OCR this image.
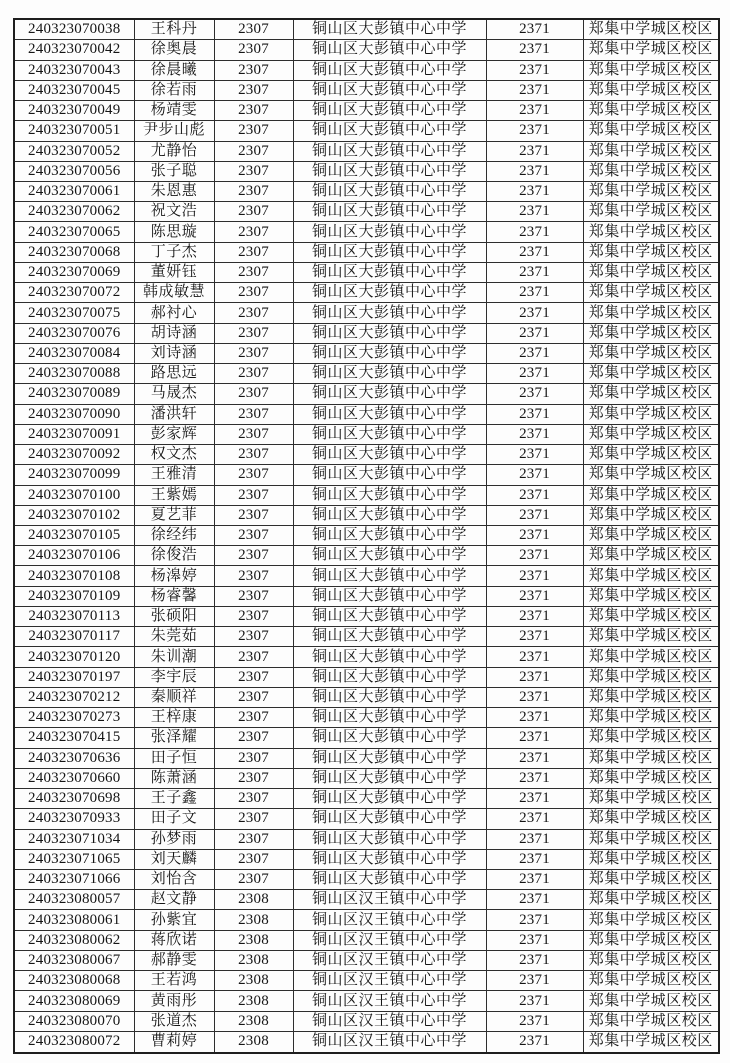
240323070038	王科丹	2307	铜山区大彭镇中心中学	2371	郑集中学城区校区
240323070042	徐奥晨	2307	铜山区大彭镇中心中学	2371	郑集中学城区校区
240323070043	徐晨曦	2307	铜山区大彭镇中心中学	2371	郑集中学城区校区
240323070045	徐若雨	2307	铜山区大彭镇中心中学	2371	郑集中学城区校区
240323070049	杨靖雯	2307	铜山区大彭镇中心中学	2371	郑集中学城区校区
240323070051	尹步山彪	2307	铜山区大彭镇中心中学	2371	郑集中学城区校区
240323070052	尤静怡	2307	铜山区大彭镇中心中学	2371	郑集中学城区校区
240323070056	张子聪	2307	铜山区大彭镇中心中学	2371	郑集中学城区校区
240323070061	朱恩惠	2307	铜山区大彭镇中心中学	2371	郑集中学城区校区
240323070062	祝文浩	2307	铜山区大彭镇中心中学	2371	郑集中学城区校区
240323070065	陈思璇	2307	铜山区大彭镇中心中学	2371	郑集中学城区校区
240323070068	丁子杰	2307	铜山区大彭镇中心中学	2371	郑集中学城区校区
240323070069	董妍钰	2307	铜山区大彭镇中心中学	2371	郑集中学城区校区
240323070072	韩成敏慧	2307	铜山区大彭镇中心中学	2371	郑集中学城区校区
240323070075	郝衬心	2307	铜山区大彭镇中心中学	2371	郑集中学城区校区
240323070076	胡诗涵	2307	铜山区大彭镇中心中学	2371	郑集中学城区校区
240323070084	刘诗涵	2307	铜山区大彭镇中心中学	2371	郑集中学城区校区
240323070088	路思远	2307	铜山区大彭镇中心中学	2371	郑集中学城区校区
240323070089	马晟杰	2307	铜山区大彭镇中心中学	2371	郑集中学城区校区
240323070090	潘洪轩	2307	铜山区大彭镇中心中学	2371	郑集中学城区校区
240323070091	彭家辉	2307	铜山区大彭镇中心中学	2371	郑集中学城区校区
240323070092	权文杰	2307	铜山区大彭镇中心中学	2371	郑集中学城区校区
240323070099	王雅清	2307	铜山区大彭镇中心中学	2371	郑集中学城区校区
240323070100	王紫嫣	2307	铜山区大彭镇中心中学	2371	郑集中学城区校区
240323070102	夏艺菲	2307	铜山区大彭镇中心中学	2371	郑集中学城区校区
240323070105	徐经纬	2307	铜山区大彭镇中心中学	2371	郑集中学城区校区
240323070106	徐俊浩	2307	铜山区大彭镇中心中学	2371	郑集中学城区校区
240323070108	杨滜婷	2307	铜山区大彭镇中心中学	2371	郑集中学城区校区
240323070109	杨睿馨	2307	铜山区大彭镇中心中学	2371	郑集中学城区校区
240323070113	张硕阳	2307	铜山区大彭镇中心中学	2371	郑集中学城区校区
240323070117	朱莞茹	2307	铜山区大彭镇中心中学	2371	郑集中学城区校区
240323070120	朱训潮	2307	铜山区大彭镇中心中学	2371	郑集中学城区校区
240323070197	李宇辰	2307	铜山区大彭镇中心中学	2371	郑集中学城区校区
240323070212	秦顺祥	2307	铜山区大彭镇中心中学	2371	郑集中学城区校区
240323070273	王梓康	2307	铜山区大彭镇中心中学	2371	郑集中学城区校区
240323070415	张泽耀	2307	铜山区大彭镇中心中学	2371	郑集中学城区校区
240323070636	田子恒	2307	铜山区大彭镇中心中学	2371	郑集中学城区校区
240323070660	陈萧涵	2307	铜山区大彭镇中心中学	2371	郑集中学城区校区
240323070698	王子鑫	2307	铜山区大彭镇中心中学	2371	郑集中学城区校区
240323070933	田子文	2307	铜山区大彭镇中心中学	2371	郑集中学城区校区
240323071034	孙梦雨	2307	铜山区大彭镇中心中学	2371	郑集中学城区校区
240323071065	刘天麟	2307	铜山区大彭镇中心中学	2371	郑集中学城区校区
240323071066	刘怡含	2307	铜山区大彭镇中心中学	2371	郑集中学城区校区
240323080057	赵文静	2308	铜山区汉王镇中心中学	2371	郑集中学城区校区
240323080061	孙紫宜	2308	铜山区汉王镇中心中学	2371	郑集中学城区校区
240323080062	蒋欣诺	2308	铜山区汉王镇中心中学	2371	郑集中学城区校区
240323080067	郝静雯	2308	铜山区汉王镇中心中学	2371	郑集中学城区校区
240323080068	王若鸿	2308	铜山区汉王镇中心中学	2371	郑集中学城区校区
240323080069	黄雨彤	2308	铜山区汉王镇中心中学	2371	郑集中学城区校区
240323080070	张道杰	2308	铜山区汉王镇中心中学	2371	郑集中学城区校区
240323080072	曹莉婷	2308	铜山区汉王镇中心中学	2371	郑集中学城区校区
